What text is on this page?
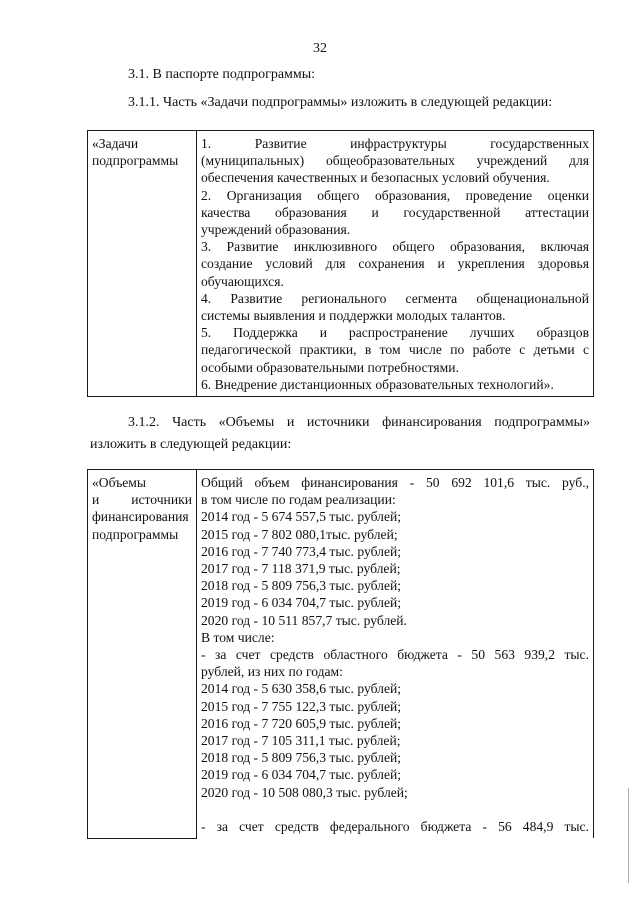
32
3.1. В паспорте подпрограммы:
3.1.1. Часть «Задачи подпрограммы» изложить в следующей редакции:
«Задачи
подпрограммы

1. Развитие инфраструктуры государственных
(муниципальных) общеобразовательных учреждений для
обеспечения качественных и безопасных условий обучения.
2. Организация общего образования, проведение оценки
качества образования и государственной аттестации
учреждений образования.
3. Развитие инклюзивного общего образования, включая
создание условий для сохранения и укрепления здоровья
обучающихся.
4. Развитие регионального сегмента общенациональной
системы выявления и поддержки молодых талантов.
5. Поддержка и распространение лучших образцов
педагогической практики, в том числе по работе с детьми с
особыми образовательными потребностями.
6. Внедрение дистанционных образовательных технологий».
3.1.2. Часть «Объемы и источники финансирования подпрограммы»
изложить в следующей редакции:
«Объемы
и источники
финансирования
подпрограммы

Общий объем финансирования - 50 692 101,6 тыс. руб.,
в том числе по годам реализации:
2014 год - 5 674 557,5 тыс. рублей;
2015 год - 7 802 080,1тыс. рублей;
2016 год - 7 740 773,4 тыс. рублей;
2017 год - 7 118 371,9 тыс. рублей;
2018 год - 5 809 756,3 тыс. рублей;
2019 год - 6 034 704,7 тыс. рублей;
2020 год - 10 511 857,7 тыс. рублей.
В том числе:
- за счет средств областного бюджета - 50 563 939,2 тыс.
рублей, из них по годам:
2014 год - 5 630 358,6 тыс. рублей;
2015 год - 7 755 122,3 тыс. рублей;
2016 год - 7 720 605,9 тыс. рублей;
2017 год - 7 105 311,1 тыс. рублей;
2018 год - 5 809 756,3 тыс. рублей;
2019 год - 6 034 704,7 тыс. рублей;
2020 год - 10 508 080,3 тыс. рублей;

- за счет средств федерального бюджета - 56 484,9 тыс.
